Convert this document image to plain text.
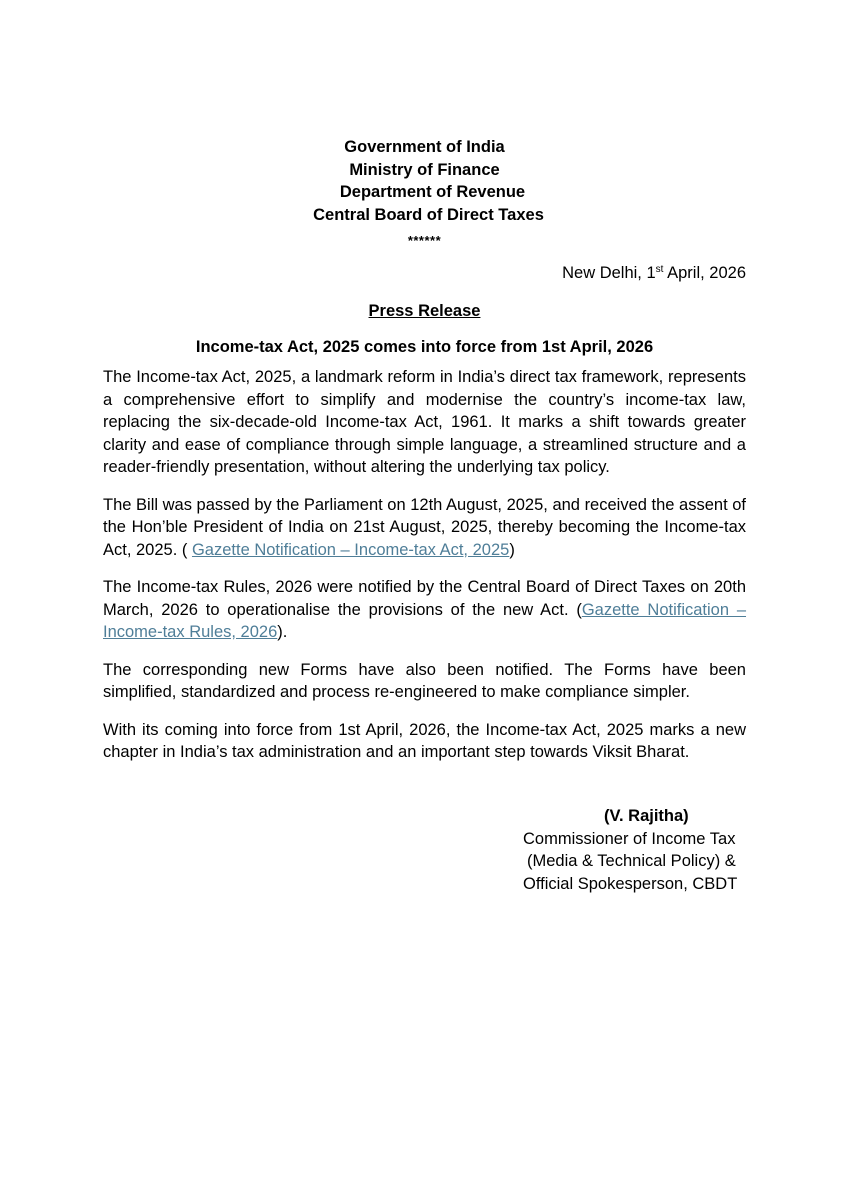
Government of India
Ministry of Finance
Department of Revenue
Central Board of Direct Taxes
******
New Delhi, 1st April, 2026
Press Release
Income-tax Act, 2025 comes into force from 1st April, 2026

The Income-tax Act, 2025, a landmark reform in India’s direct tax framework, represents a comprehensive effort to simplify and modernise the country’s income-tax law, replacing the six-decade-old Income-tax Act, 1961. It marks a shift towards greater clarity and ease of compliance through simple language, a streamlined structure and a reader-friendly presentation, without altering the underlying tax policy.

The Bill was passed by the Parliament on 12th August, 2025, and received the assent of the Hon’ble President of India on 21st August, 2025, thereby becoming the Income-tax Act, 2025. ( Gazette Notification – Income-tax Act, 2025)

The Income-tax Rules, 2026 were notified by the Central Board of Direct Taxes on 20th March, 2026 to operationalise the provisions of the new Act. (Gazette Notification – Income-tax Rules, 2026).

The corresponding new Forms have also been notified. The Forms have been simplified, standardized and process re-engineered to make compliance simpler.

With its coming into force from 1st April, 2026, the Income-tax Act, 2025 marks a new chapter in India’s tax administration and an important step towards Viksit Bharat.

(V. Rajitha)
Commissioner of Income Tax
(Media & Technical Policy) &
Official Spokesperson, CBDT
